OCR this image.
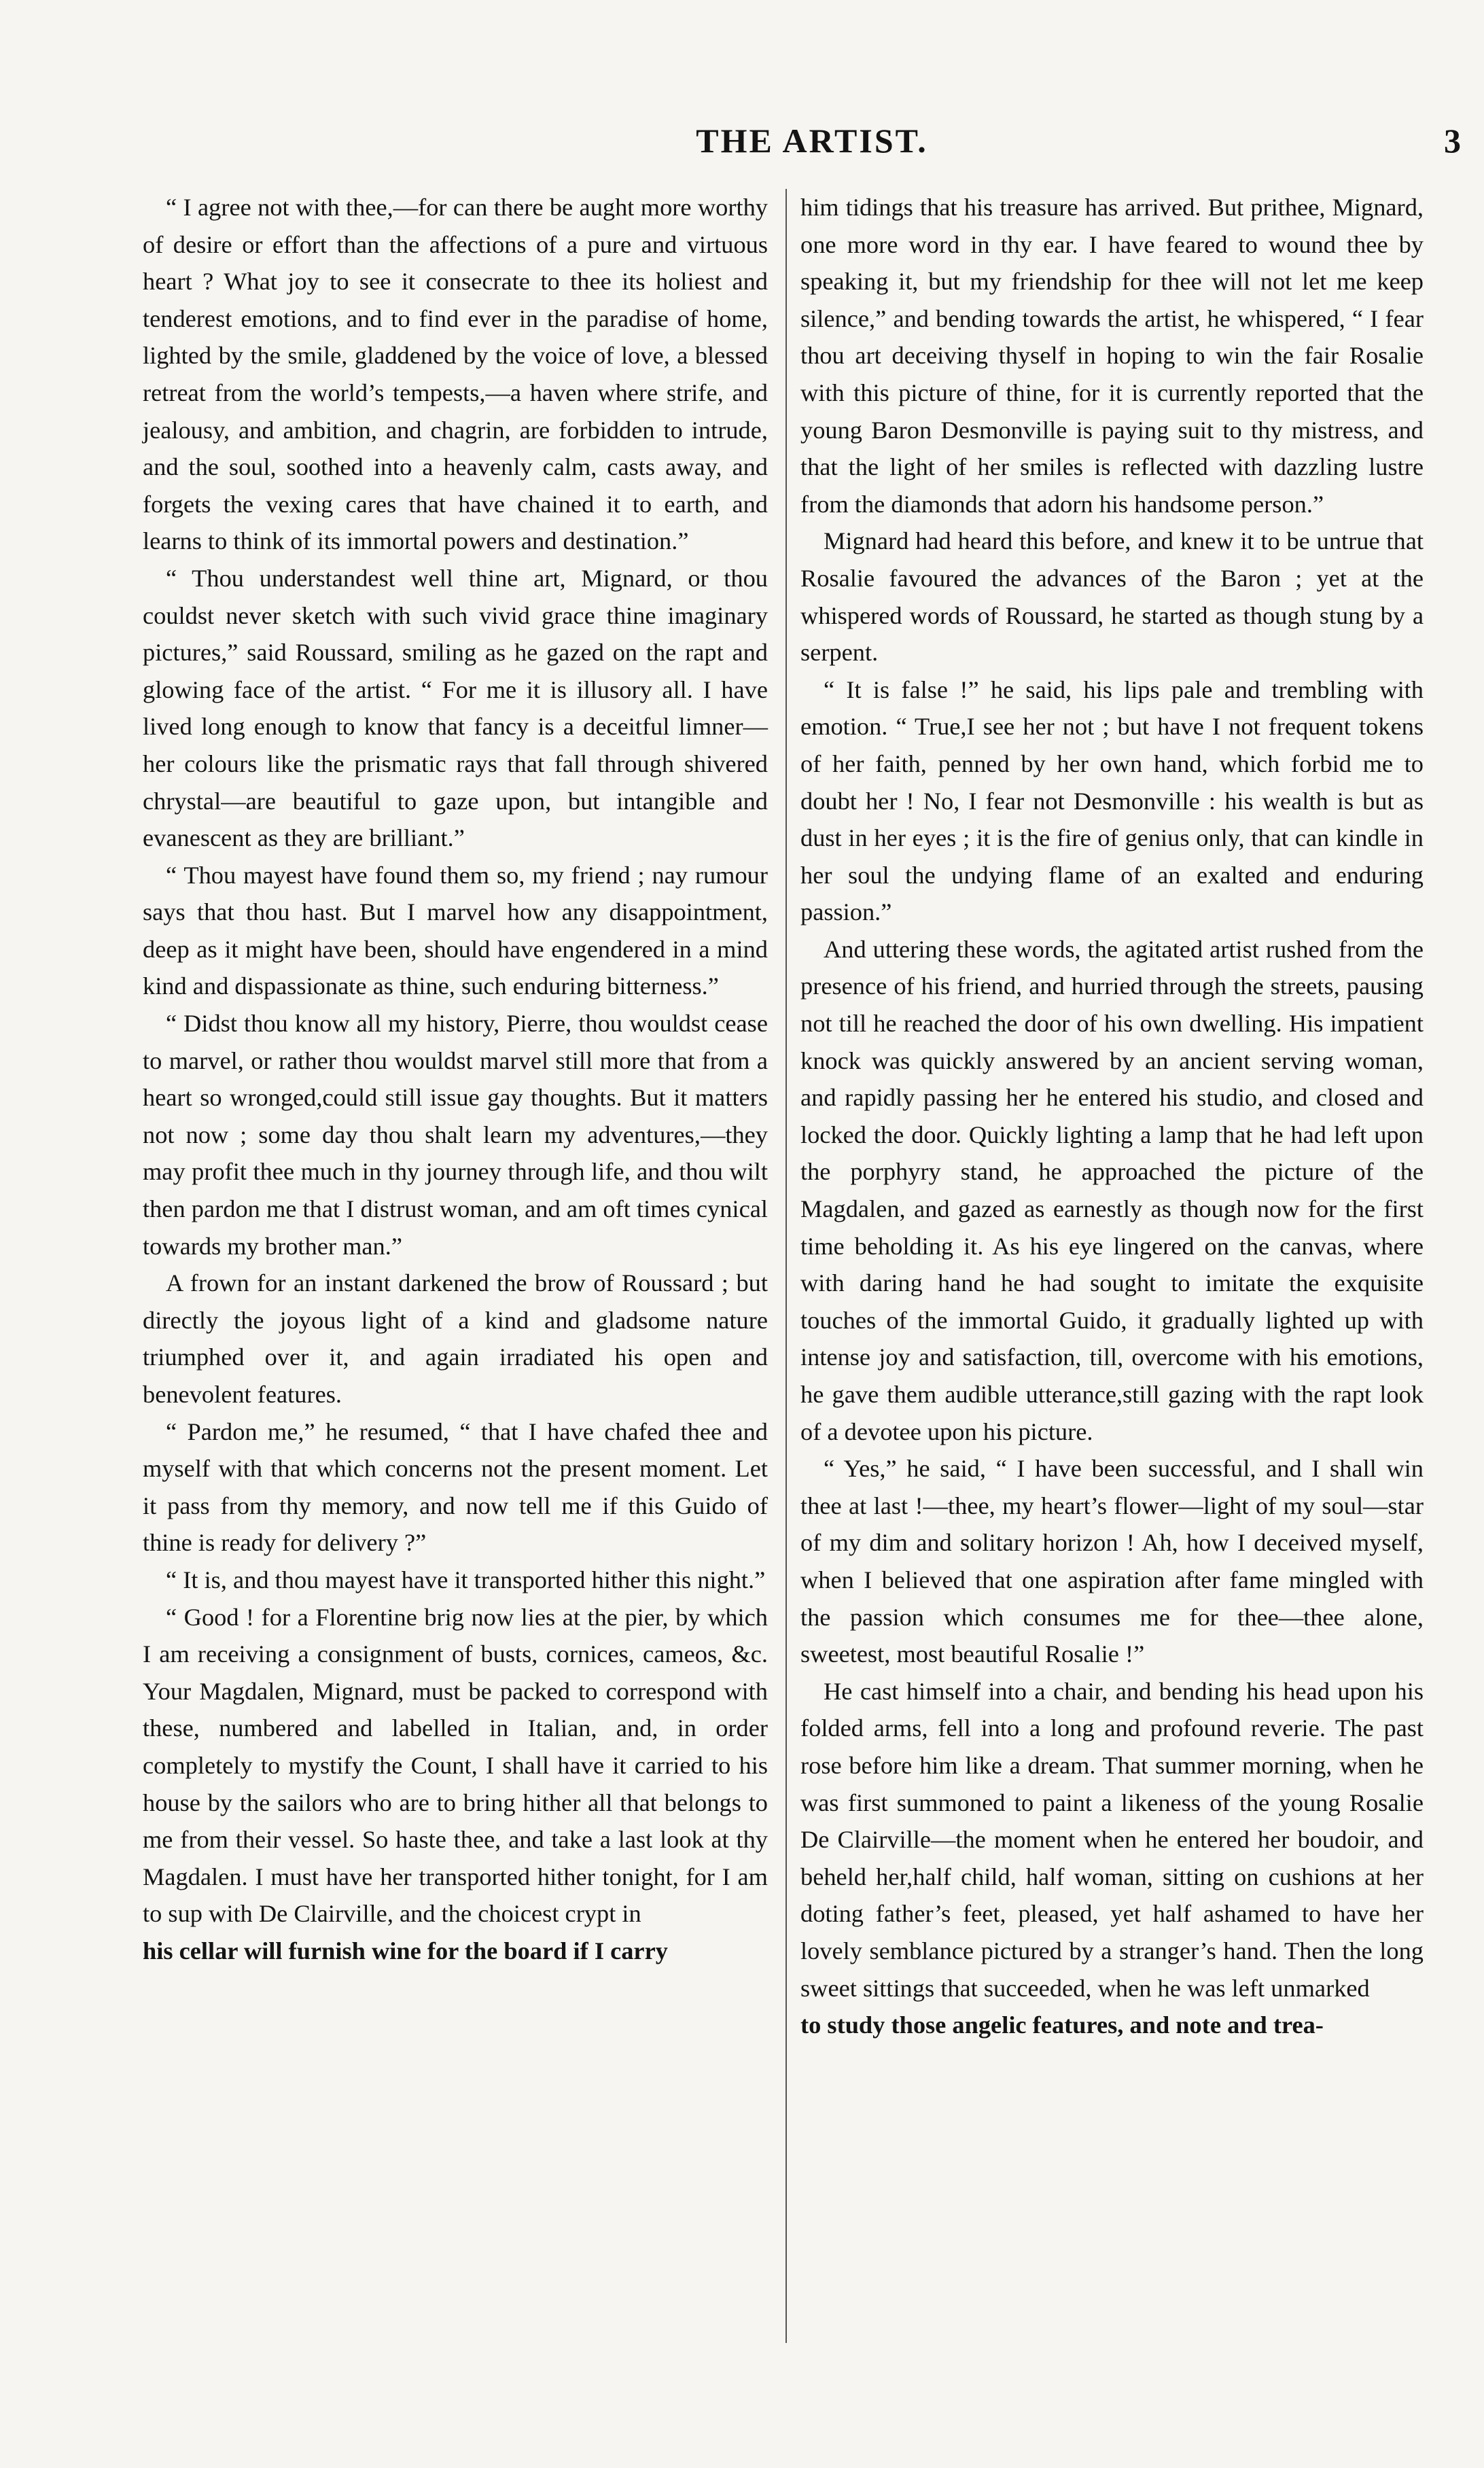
THE ARTIST.	3

“ I agree not with thee,—for can there be aught more worthy of desire or effort than the affections of a pure and virtuous heart ? What joy to see it consecrate to thee its holiest and tenderest emotions, and to find ever in the paradise of home, lighted by the smile, gladdened by the voice of love, a blessed retreat from the world’s tempests,—a haven where strife, and jealousy, and ambition, and chagrin, are forbidden to intrude, and the soul, soothed into a heavenly calm, casts away, and forgets the vexing cares that have chained it to earth, and learns to think of its immortal powers and destination.”

“ Thou understandest well thine art, Mignard, or thou couldst never sketch with such vivid grace thine imaginary pictures,” said Roussard, smiling as he gazed on the rapt and glowing face of the artist. “ For me it is illusory all. I have lived long enough to know that fancy is a deceitful limner—her colours like the prismatic rays that fall through shivered chrystal—are beautiful to gaze upon, but intangible and evanescent as they are brilliant.”

“ Thou mayest have found them so, my friend ; nay rumour says that thou hast. But I marvel how any disappointment, deep as it might have been, should have engendered in a mind kind and dispassionate as thine, such enduring bitterness.”

“ Didst thou know all my history, Pierre, thou wouldst cease to marvel, or rather thou wouldst marvel still more that from a heart so wronged,could still issue gay thoughts. But it matters not now ; some day thou shalt learn my adventures,—they may profit thee much in thy journey through life, and thou wilt then pardon me that I distrust woman, and am oft times cynical towards my brother man.”

A frown for an instant darkened the brow of Roussard ; but directly the joyous light of a kind and gladsome nature triumphed over it, and again irradiated his open and benevolent features.

“ Pardon me,” he resumed, “ that I have chafed thee and myself with that which concerns not the present moment. Let it pass from thy memory, and now tell me if this Guido of thine is ready for delivery ?”

“ It is, and thou mayest have it transported hither this night.”

“ Good ! for a Florentine brig now lies at the pier, by which I am receiving a consignment of busts, cornices, cameos, &c. Your Magdalen, Mignard, must be packed to correspond with these, numbered and labelled in Italian, and, in order completely to mystify the Count, I shall have it carried to his house by the sailors who are to bring hither all that belongs to me from their vessel. So haste thee, and take a last look at thy Magdalen. I must have her transported hither tonight, for I am to sup with De Clairville, and the choicest crypt in

his cellar will furnish wine for the board if I carry

him tidings that his treasure has arrived. But prithee, Mignard, one more word in thy ear. I have feared to wound thee by speaking it, but my friendship for thee will not let me keep silence,” and bending towards the artist, he whispered, “ I fear thou art deceiving thyself in hoping to win the fair Rosalie with this picture of thine, for it is currently reported that the young Baron Desmonville is paying suit to thy mistress, and that the light of her smiles is reflected with dazzling lustre from the diamonds that adorn his handsome person.”

Mignard had heard this before, and knew it to be untrue that Rosalie favoured the advances of the Baron ; yet at the whispered words of Roussard, he started as though stung by a serpent.

“ It is false !” he said, his lips pale and trembling with emotion. “ True,I see her not ; but have I not frequent tokens of her faith, penned by her own hand, which forbid me to doubt her ! No, I fear not Desmonville : his wealth is but as dust in her eyes ; it is the fire of genius only, that can kindle in her soul the undying flame of an exalted and enduring passion.”

And uttering these words, the agitated artist rushed from the presence of his friend, and hurried through the streets, pausing not till he reached the door of his own dwelling. His impatient knock was quickly answered by an ancient serving woman, and rapidly passing her he entered his studio, and closed and locked the door. Quickly lighting a lamp that he had left upon the porphyry stand, he approached the picture of the Magdalen, and gazed as earnestly as though now for the first time beholding it. As his eye lingered on the canvas, where with daring hand he had sought to imitate the exquisite touches of the immortal Guido, it gradually lighted up with intense joy and satisfaction, till, overcome with his emotions, he gave them audible utterance,still gazing with the rapt look of a devotee upon his picture.

“ Yes,” he said, “ I have been successful, and I shall win thee at last !—thee, my heart’s flower—light of my soul—star of my dim and solitary horizon ! Ah, how I deceived myself, when I believed that one aspiration after fame mingled with the passion which consumes me for thee—thee alone, sweetest, most beautiful Rosalie !”

He cast himself into a chair, and bending his head upon his folded arms, fell into a long and profound reverie. The past rose before him like a dream. That summer morning, when he was first summoned to paint a likeness of the young Rosalie De Clairville—the moment when he entered her boudoir, and beheld her,half child, half woman, sitting on cushions at her doting father’s feet, pleased, yet half ashamed to have her lovely semblance pictured by a stranger’s hand. Then the long sweet sittings that succeeded, when he was left unmarked

to study those angelic features, and note and trea-
